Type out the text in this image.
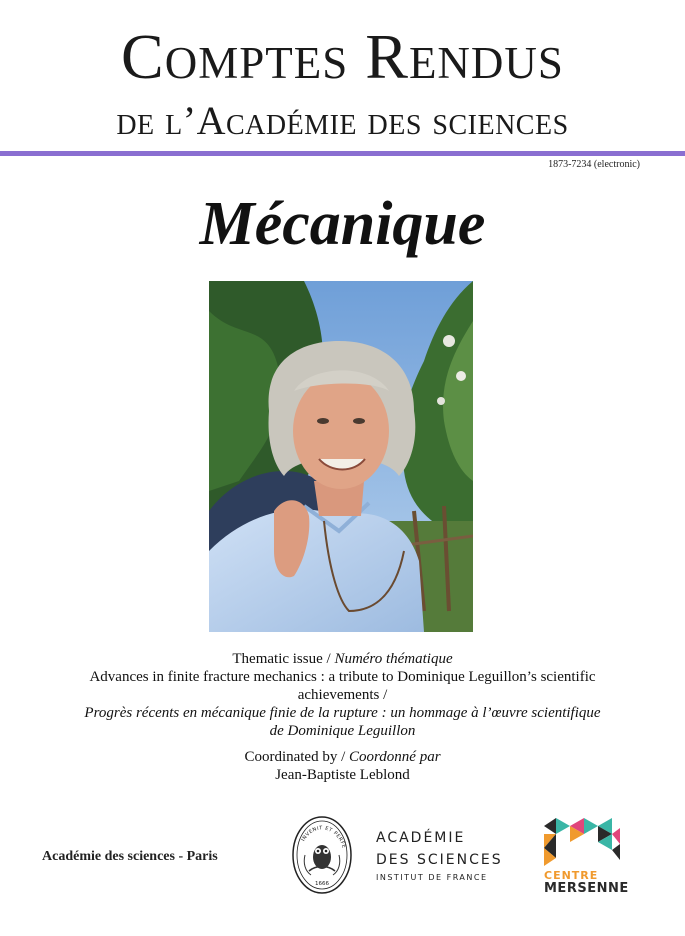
Comptes Rendus
de l’Académie des sciences
1873-7234 (electronic)
Mécanique
Thematic issue / Numéro thématique
Advances in finite fracture mechanics : a tribute to Dominique Leguillon’s scientific
achievements /
Progrès récents en mécanique finie de la rupture : un hommage à l’œuvre scientifique
de Dominique Leguillon
Coordinated by / Coordonné par
Jean-Baptiste Leblond
Académie des sciences - Paris
INVENIT ET PERFE
1666
ACADÉMIE
DES SCIENCES
INSTITUT DE FRANCE	CENTRE
MERSENNE
